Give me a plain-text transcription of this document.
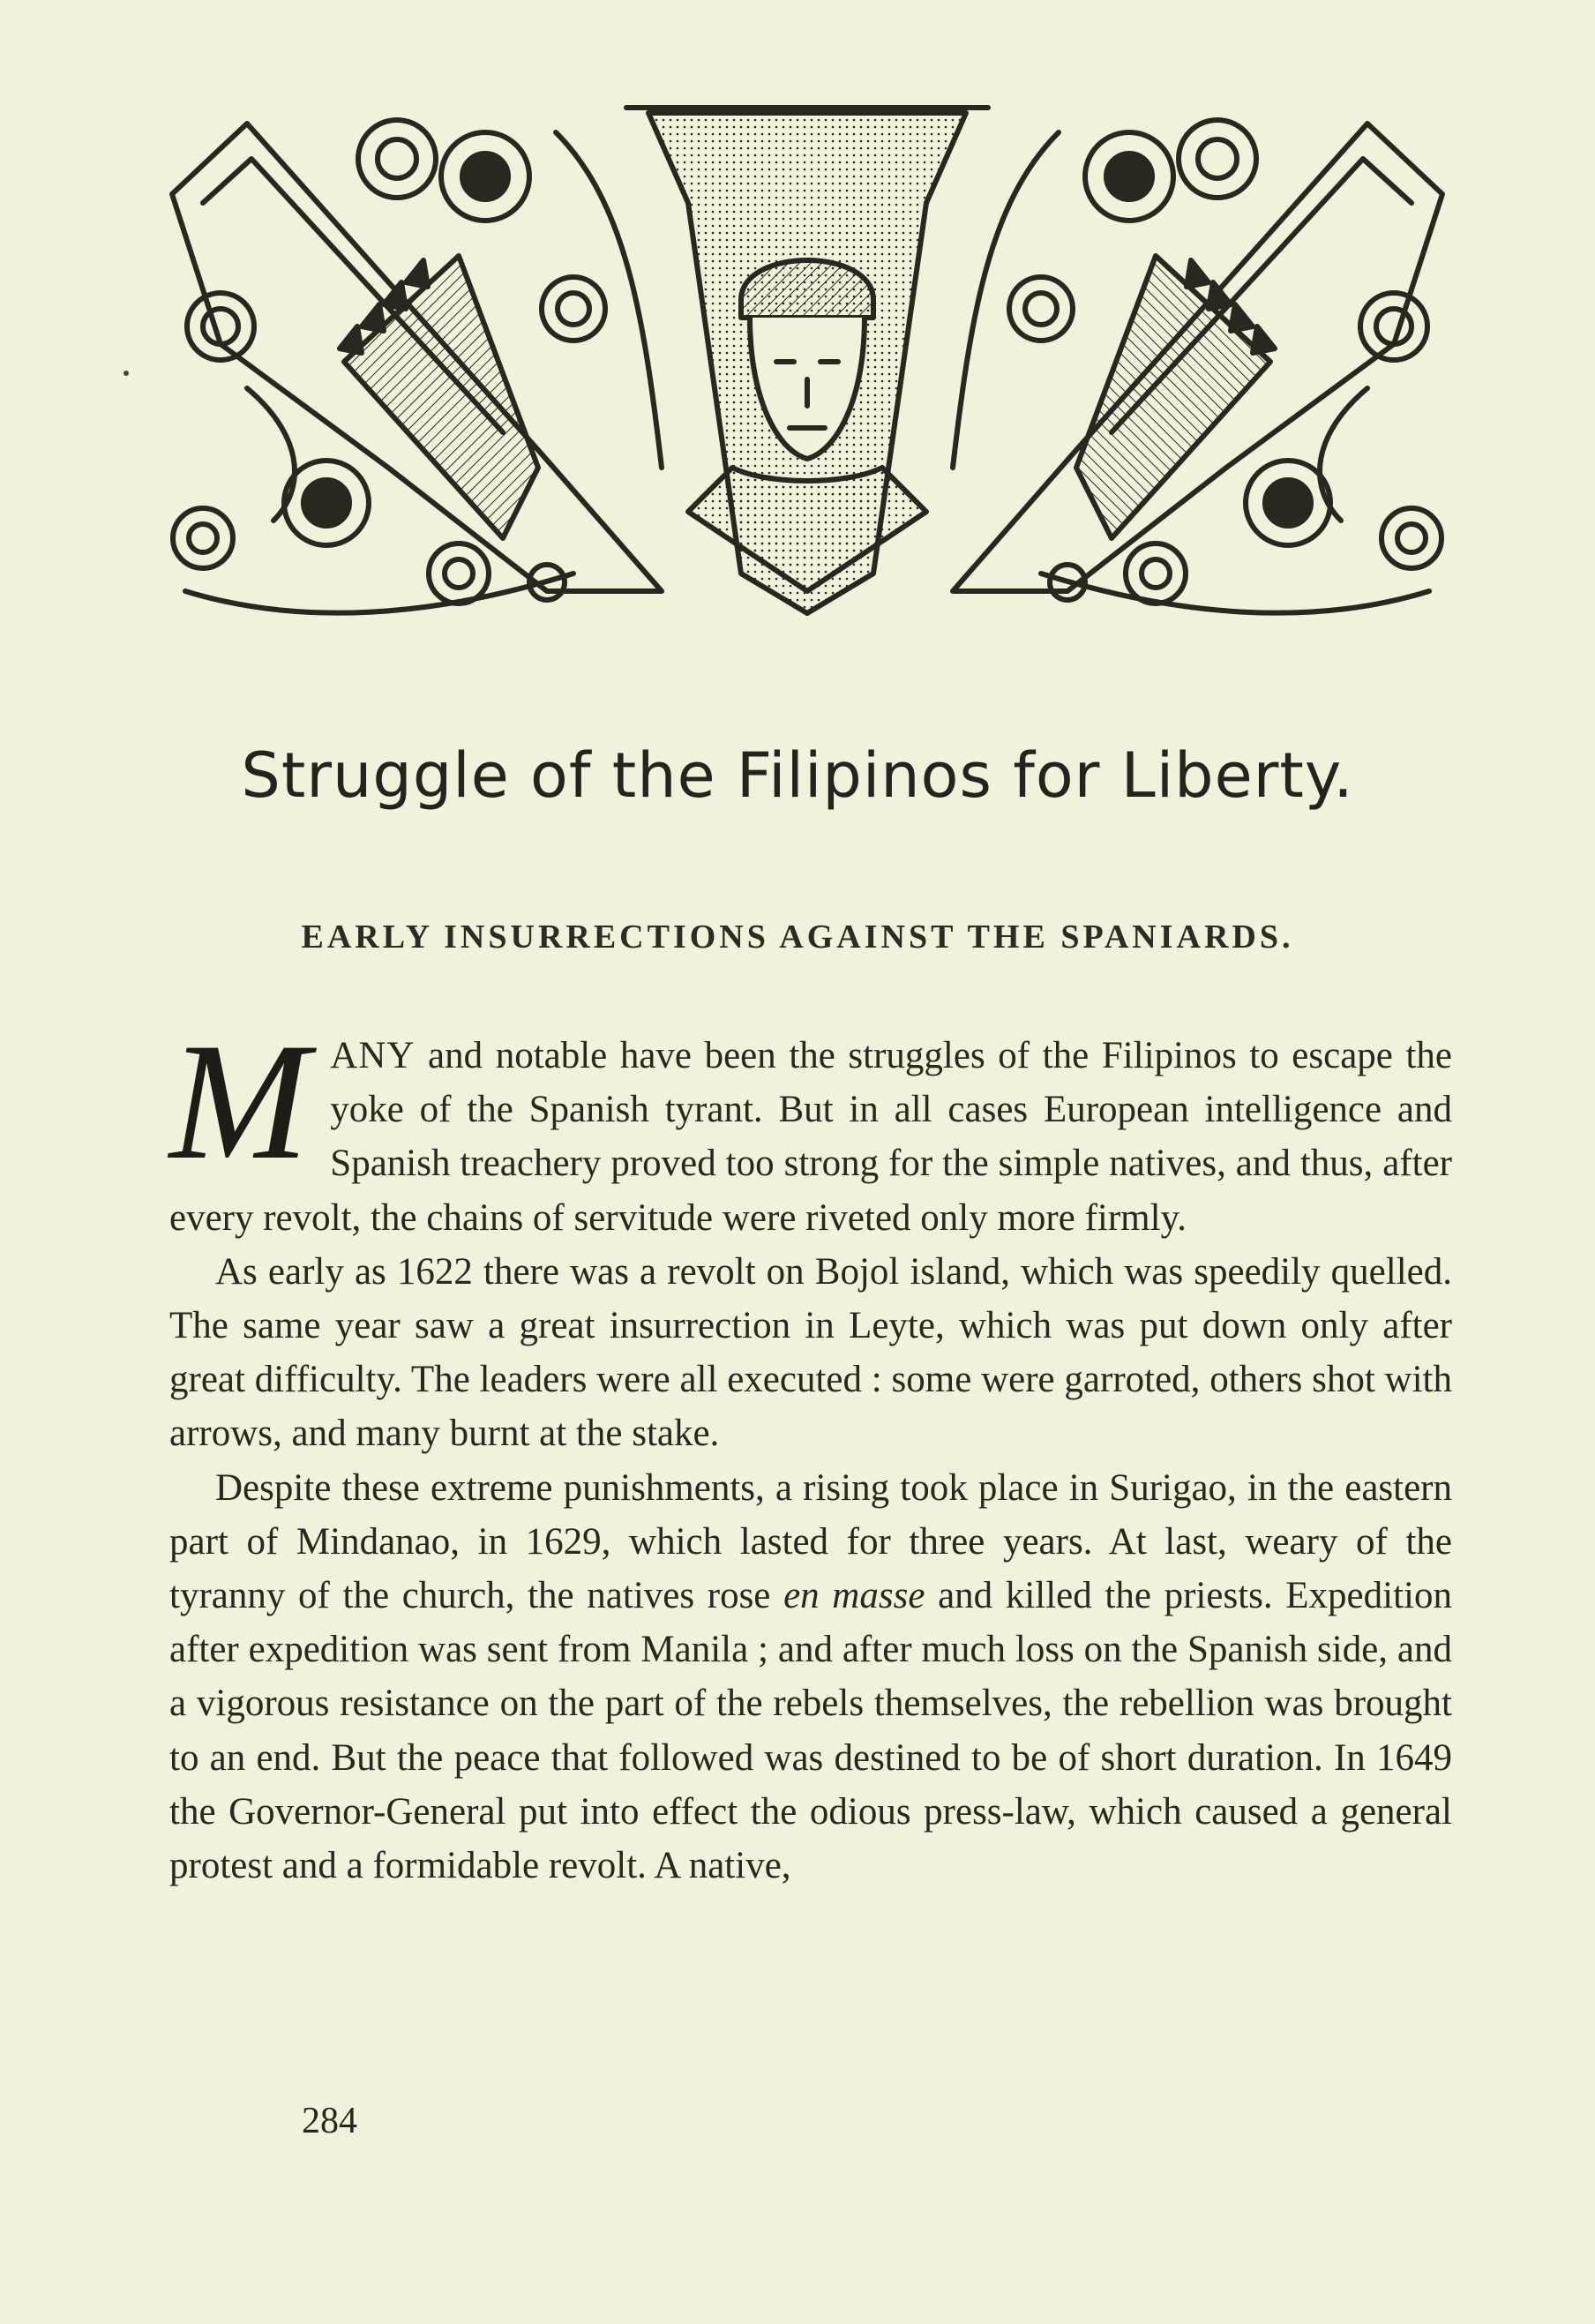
Struggle of the Filipinos for Liberty.
EARLY INSURRECTIONS AGAINST THE SPANIARDS.

MANY and notable have been the struggles of the Filipinos to escape the yoke of the Spanish tyrant. But in all cases European intelligence and Spanish treachery proved too strong for the simple natives, and thus, after every revolt, the chains of servitude were riveted only more firmly.

As early as 1622 there was a revolt on Bojol island, which was speedily quelled. The same year saw a great insurrection in Leyte, which was put down only after great difficulty. The leaders were all executed : some were garroted, others shot with arrows, and many burnt at the stake.

Despite these extreme punishments, a rising took place in Surigao, in the eastern part of Mindanao, in 1629, which lasted for three years. At last, weary of the tyranny of the church, the natives rose en masse and killed the priests. Expedition after expedition was sent from Manila ; and after much loss on the Spanish side, and a vigorous resistance on the part of the rebels themselves, the rebellion was brought to an end. But the peace that followed was destined to be of short duration. In 1649 the Governor-General put into effect the odious press-law, which caused a general protest and a formidable revolt. A native,

284
